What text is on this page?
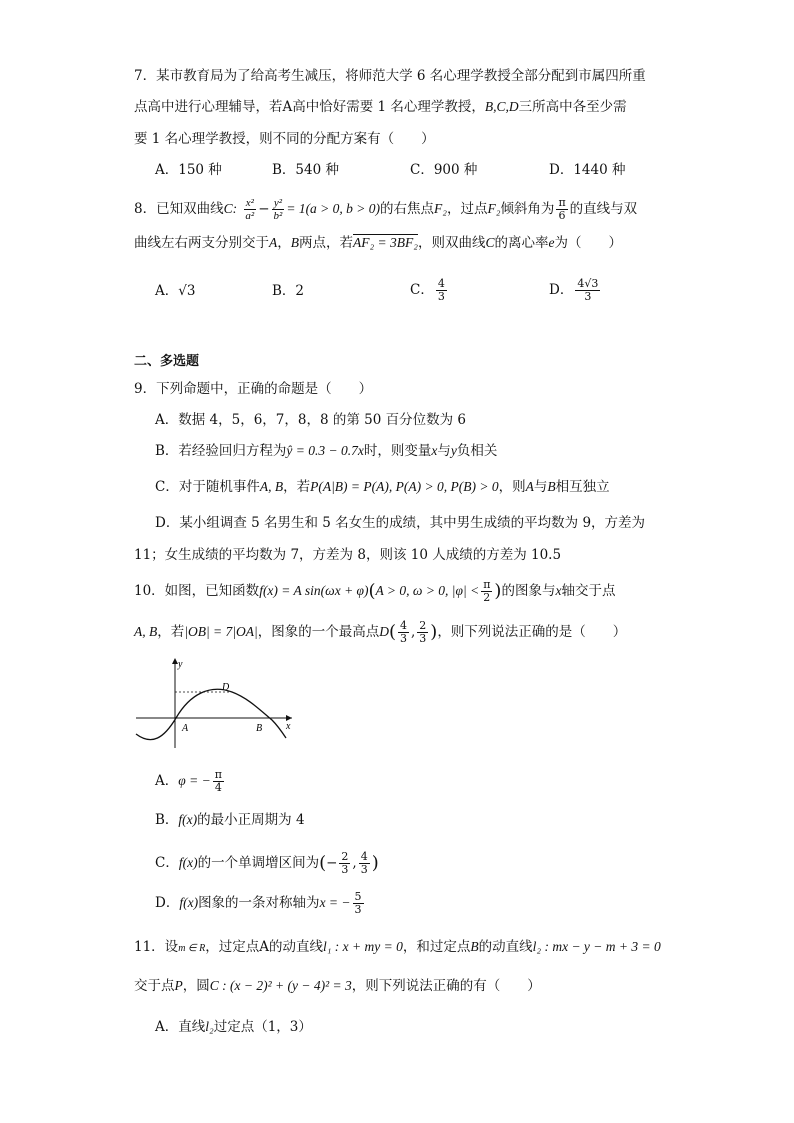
7．某市教育局为了给高考生减压，将师范大学 6 名心理学教授全部分配到市属四所重
点高中进行心理辅导，若A高中恰好需要 1 名心理学教授，B,C,D三所高中各至少需
要 1 名心理学教授，则不同的分配方案有（　　）
A．150 种	B．540 种	C．900 种	D．1440 种
8．已知双曲线C: $\frac{\text{x²}}{\text{a²}} - \frac{\text{y²}}{\text{b²}} = 1(a > 0$, b > 0)的右焦点F₂，过点F₂倾斜角为 $\frac{\pi}{6}$ 的直线与双
曲线左右两支分别交于A，B两点，若AF₂ = 3BF₂，则双曲线C的离心率e为（　　）
A．√3	B．2	C． $\frac{4}{3}$	D． $\frac{4√3}{3}$
二、多选题
9．下列命题中，正确的命题是（　　）
A．数据 4，5，6，7，8，8 的第 50 百分位数为 6
B．若经验回归方程为ŷ = 0.3 − 0.7x时，则变量x与y负相关
C．对于随机事件A, B，若P(A|B) = P(A), P(A) > 0, P(B) > 0，则A与B相互独立
D．某小组调查 5 名男生和 5 名女生的成绩，其中男生成绩的平均数为 9，方差为
11；女生成绩的平均数为 7，方差为 8，则该 10 人成绩的方差为 10.5
10．如图，已知函数f(x) = A sin(ωx + φ)(A > 0, ω > 0, $|\varphi| < \frac{\pi}{2}$ )的图象与x轴交于点
A, B，若|OB| = 7|OA|，图象的一个最高点$D( \frac{4}{3}$ , $\frac{2}{3}$ )，则下列说法正确的是（　　）
y
x
A	B
D
A．φ = − $\frac{\pi}{4}$
B．f(x)的最小正周期为 4
C．f(x)的一个单调增区间为(− $\frac{2}{3}$ , $\frac{4}{3}$ )
D．f(x)图象的一条对称轴为x = − $\frac{5}{3}$
11．设m ∈ R，过定点A的动直线l₁ : x + my = 0，和过定点B的动直线l₂ : mx − y − m + 3 = 0
交于点P，圆C : (x − 2)² + (y − 4)² = 3，则下列说法正确的有（　　）
A．直线l₂过定点（1，3）
